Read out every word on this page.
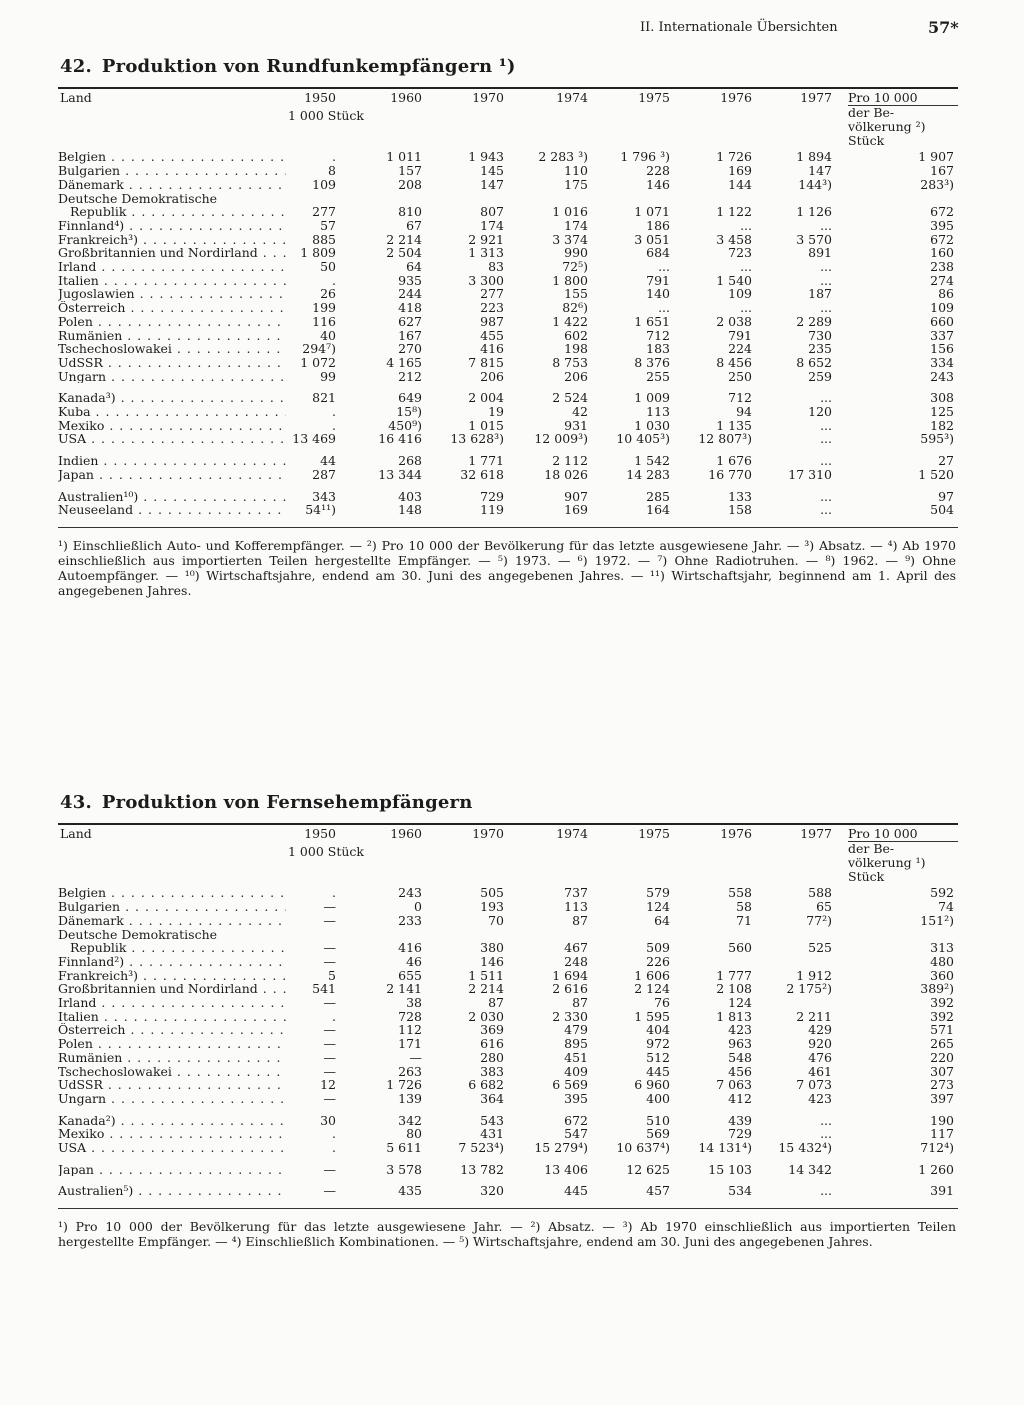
II. Internationale Übersichten	57*
42. Produktion von Rundfunkempfängern ¹)
Land	1950	1960	1970	1974	1975	1976	1977	Pro 10 000
der Be-
völkerung ²)
Stück

	1 000 Stück							
Belgien . . .	.	1 011	1 943	2 283 ³)	1 796 ³)	1 726	1 894	1 907
Bulgarien . . .	8	157	145	110	228	169	147	167
Dänemark . . .	109	208	147	175	146	144	144³)	283³)
Deutsche Demokratische								
Republik . . .	277	810	807	1 016	1 071	1 122	1 126	672
Finnland⁴) . . .	57	67	174	174	186	...	...	395
Frankreich³) . . .	885	2 214	2 921	3 374	3 051	3 458	3 570	672
Großbritannien und Nordirland . . .	1 809	2 504	1 313	990	684	723	891	160
Irland . . .	50	64	83	72⁵)	...	...	...	238
Italien . . .	.	935	3 300	1 800	791	1 540	...	274
Jugoslawien . . .	26	244	277	155	140	109	187	86
Österreich . . .	199	418	223	82⁶)	...	...	...	109
Polen . . .	116	627	987	1 422	1 651	2 038	2 289	660
Rumänien . . .	40	167	455	602	712	791	730	337
Tschechoslowakei . . .	294⁷)	270	416	198	183	224	235	156
UdSSR . . .	1 072	4 165	7 815	8 753	8 376	8 456	8 652	334
Ungarn . . .	99	212	206	206	255	250	259	243
Kanada³) . . .	821	649	2 004	2 524	1 009	712	...	308
Kuba . . .	.	15⁸)	19	42	113	94	120	125
Mexiko . . .	.	450⁹)	1 015	931	1 030	1 135	...	182
USA . . .	13 469	16 416	13 628³)	12 009³)	10 405³)	12 807³)	...	595³)
Indien . . .	44	268	1 771	2 112	1 542	1 676	...	27
Japan . . .	287	13 344	32 618	18 026	14 283	16 770	17 310	1 520
Australien¹⁰) . . .	343	403	729	907	285	133	...	97
Neuseeland . . .	54¹¹)	148	119	169	164	158	...	504
¹) Einschließlich Auto- und Kofferempfänger. — ²) Pro 10 000 der Bevölkerung für das letzte ausgewiesene Jahr. — ³) Absatz. — ⁴) Ab 1970 einschließlich aus importierten Teilen hergestellte Empfänger. — ⁵) 1973. — ⁶) 1972. — ⁷) Ohne Radiotruhen. — ⁸) 1962. — ⁹) Ohne Autoempfänger. — ¹⁰) Wirtschaftsjahre, endend am 30. Juni des angegebenen Jahres. — ¹¹) Wirtschaftsjahr, beginnend am 1. April des angegebenen Jahres.
43. Produktion von Fernsehempfängern
Land	1950	1960	1970	1974	1975	1976	1977	Pro 10 000
der Be-
völkerung ¹)
Stück

	1 000 Stück							
Belgien . . .	.	243	505	737	579	558	588	592
Bulgarien . . .	—	0	193	113	124	58	65	74
Dänemark . . .	—	233	70	87	64	71	77²)	151²)
Deutsche Demokratische								
Republik . . .	—	416	380	467	509	560	525	313
Finnland²) . . .	—	46	146	248	226			480
Frankreich³) . . .	5	655	1 511	1 694	1 606	1 777	1 912	360
Großbritannien und Nordirland . . .	541	2 141	2 214	2 616	2 124	2 108	2 175²)	389²)
Irland . . .	—	38	87	87	76	124		392
Italien . . .	.	728	2 030	2 330	1 595	1 813	2 211	392
Österreich . . .	—	112	369	479	404	423	429	571
Polen . . .	—	171	616	895	972	963	920	265
Rumänien . . .	—	—	280	451	512	548	476	220
Tschechoslowakei . . .	—	263	383	409	445	456	461	307
UdSSR . . .	12	1 726	6 682	6 569	6 960	7 063	7 073	273
Ungarn . . .	—	139	364	395	400	412	423	397
Kanada²) . . .	30	342	543	672	510	439	...	190
Mexiko . . .	.	80	431	547	569	729	...	117
USA . . .	.	5 611	7 523⁴)	15 279⁴)	10 637⁴)	14 131⁴)	15 432⁴)	712⁴)
Japan . . .	—	3 578	13 782	13 406	12 625	15 103	14 342	1 260
Australien⁵) . . .	—	435	320	445	457	534	...	391
¹) Pro 10 000 der Bevölkerung für das letzte ausgewiesene Jahr. — ²) Absatz. — ³) Ab 1970 einschließlich aus importierten Teilen hergestellte Empfänger. — ⁴) Einschließlich Kombinationen. — ⁵) Wirtschaftsjahre, endend am 30. Juni des angegebenen Jahres.
